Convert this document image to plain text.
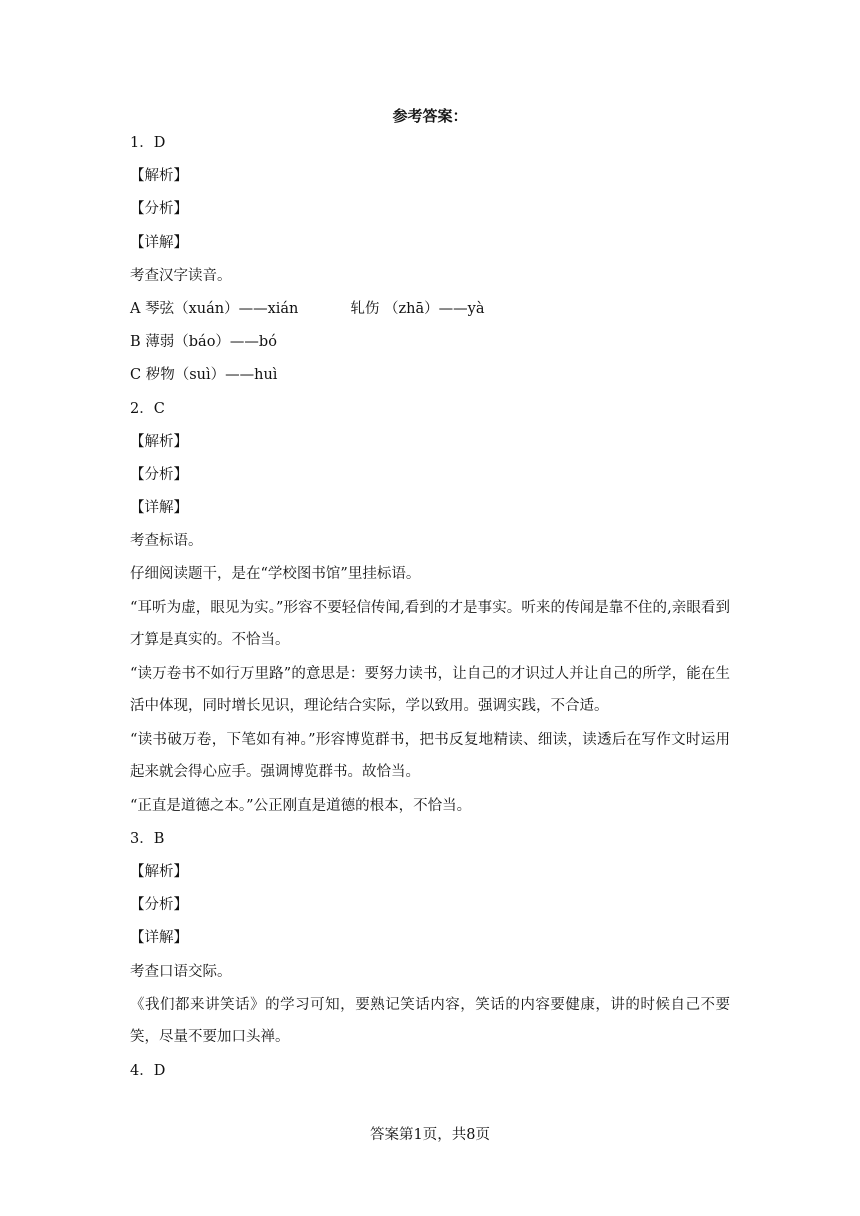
参考答案：
1．D
【解析】
【分析】
【详解】
考查汉字读音。
A 琴弦（xuán）——xián	轧伤 （zhā）——yà
B 薄弱（báo）——bó
C 秽物（suì）——huì
2．C
【解析】
【分析】
【详解】
考查标语。
仔细阅读题干，是在“学校图书馆”里挂标语。
“耳听为虚，眼见为实。”形容不要轻信传闻,看到的才是事实。听来的传闻是靠不住的,亲眼看到才算是真实的。不恰当。
“读万卷书不如行万里路”的意思是：要努力读书，让自己的才识过人并让自己的所学，能在生活中体现，同时增长见识，理论结合实际，学以致用。强调实践，不合适。
“读书破万卷，下笔如有神。”形容博览群书，把书反复地精读、细读，读透后在写作文时运用起来就会得心应手。强调博览群书。故恰当。
“正直是道德之本。”公正刚直是道德的根本，不恰当。
3．B
【解析】
【分析】
【详解】
考查口语交际。
《我们都来讲笑话》的学习可知，要熟记笑话内容，笑话的内容要健康，讲的时候自己不要笑，尽量不要加口头禅。
4．D
答案第1页，共8页
